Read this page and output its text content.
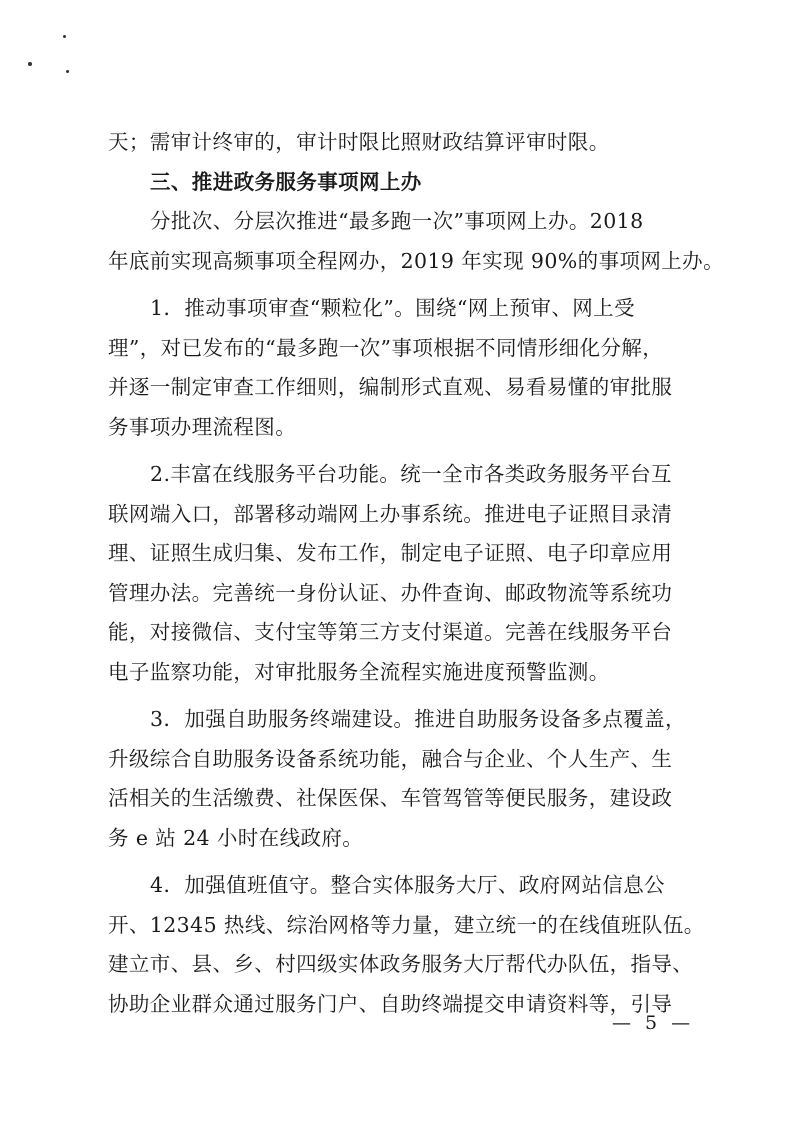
天；需审计终审的，审计时限比照财政结算评审时限。
三、推进政务服务事项网上办
分批次、分层次推进“最多跑一次”事项网上办。2018
年底前实现高频事项全程网办，2019 年实现 90%的事项网上办。
1．推动事项审查“颗粒化”。围绕“网上预审、网上受
理”，对已发布的“最多跑一次”事项根据不同情形细化分解，
并逐一制定审查工作细则，编制形式直观、易看易懂的审批服
务事项办理流程图。
2.丰富在线服务平台功能。统一全市各类政务服务平台互
联网端入口，部署移动端网上办事系统。推进电子证照目录清
理、证照生成归集、发布工作，制定电子证照、电子印章应用
管理办法。完善统一身份认证、办件查询、邮政物流等系统功
能，对接微信、支付宝等第三方支付渠道。完善在线服务平台
电子监察功能，对审批服务全流程实施进度预警监测。
3．加强自助服务终端建设。推进自助服务设备多点覆盖，
升级综合自助服务设备系统功能，融合与企业、个人生产、生
活相关的生活缴费、社保医保、车管驾管等便民服务，建设政
务 e 站 24 小时在线政府。
4．加强值班值守。整合实体服务大厅、政府网站信息公
开、12345 热线、综治网格等力量，建立统一的在线值班队伍。
建立市、县、乡、村四级实体政务服务大厅帮代办队伍，指导、
协助企业群众通过服务门户、自助终端提交申请资料等，引导
— 5 —
